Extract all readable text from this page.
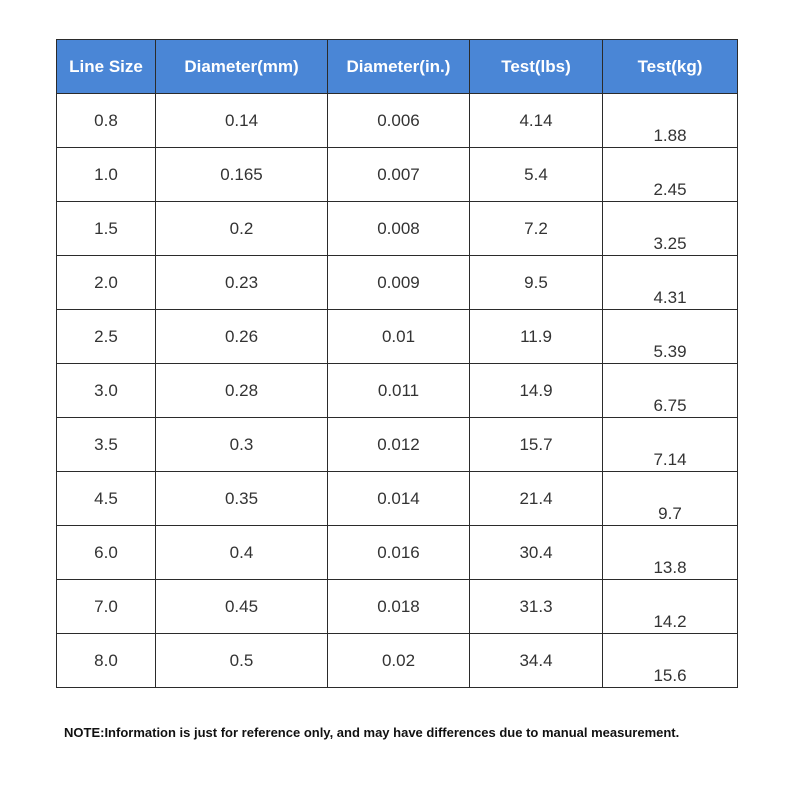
Line Size	Diameter(mm)	Diameter(in.)	Test(lbs)	Test(kg)
0.8	0.14	0.006	4.14	1.88
1.0	0.165	0.007	5.4	2.45
1.5	0.2	0.008	7.2	3.25
2.0	0.23	0.009	9.5	4.31
2.5	0.26	0.01	11.9	5.39
3.0	0.28	0.011	14.9	6.75
3.5	0.3	0.012	15.7	7.14
4.5	0.35	0.014	21.4	9.7
6.0	0.4	0.016	30.4	13.8
7.0	0.45	0.018	31.3	14.2
8.0	0.5	0.02	34.4	15.6
NOTE:Information is just for reference only, and may have differences due to manual measurement.
